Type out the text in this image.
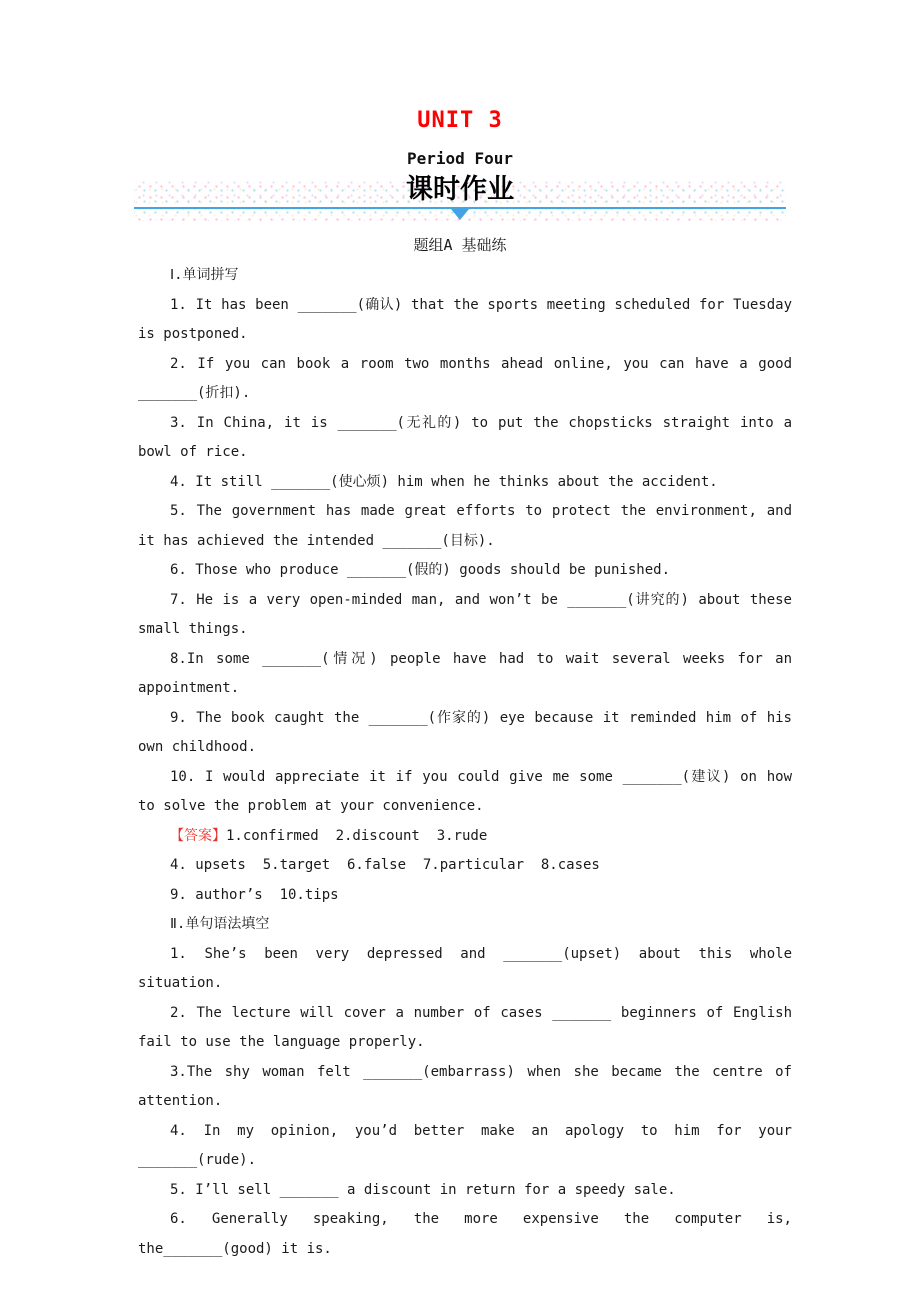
UNIT 3
Period Four
课时作业
题组A 基础练

Ⅰ.单词拼写

1. It has been _______(确认) that the sports meeting scheduled for Tuesday is postponed.

2. If you can book a room two months ahead online, you can have a good _______(折扣).

3. In China, it is _______(无礼的) to put the chopsticks straight into a bowl of rice.

4. It still _______(使心烦) him when he thinks about the accident.

5. The government has made great efforts to protect the environment, and it has achieved the intended _______(目标).

6. Those who produce _______(假的) goods should be punished.

7. He is a very open-minded man, and won’t be _______(讲究的) about these small things.

8.In some _______(情况) people have had to wait several weeks for an appointment.

9. The book caught the _______(作家的) eye because it reminded him of his own childhood.

10. I would appreciate it if you could give me some _______(建议) on how to solve the problem at your convenience.

【答案】1.confirmed  2.discount  3.rude

4. upsets  5.target  6.false  7.particular  8.cases

9. author’s  10.tips

Ⅱ.单句语法填空

1. She’s been very depressed and _______(upset) about this whole situation.

2. The lecture will cover a number of cases _______ beginners of English fail to use the language properly.

3.The shy woman felt _______(embarrass) when she became the centre of attention.

4. In my opinion, you’d better make an apology to him for your _______(rude).

5. I’ll sell _______ a discount in return for a speedy sale.

6. Generally speaking, the more expensive the computer is, the_______(good) it is.
